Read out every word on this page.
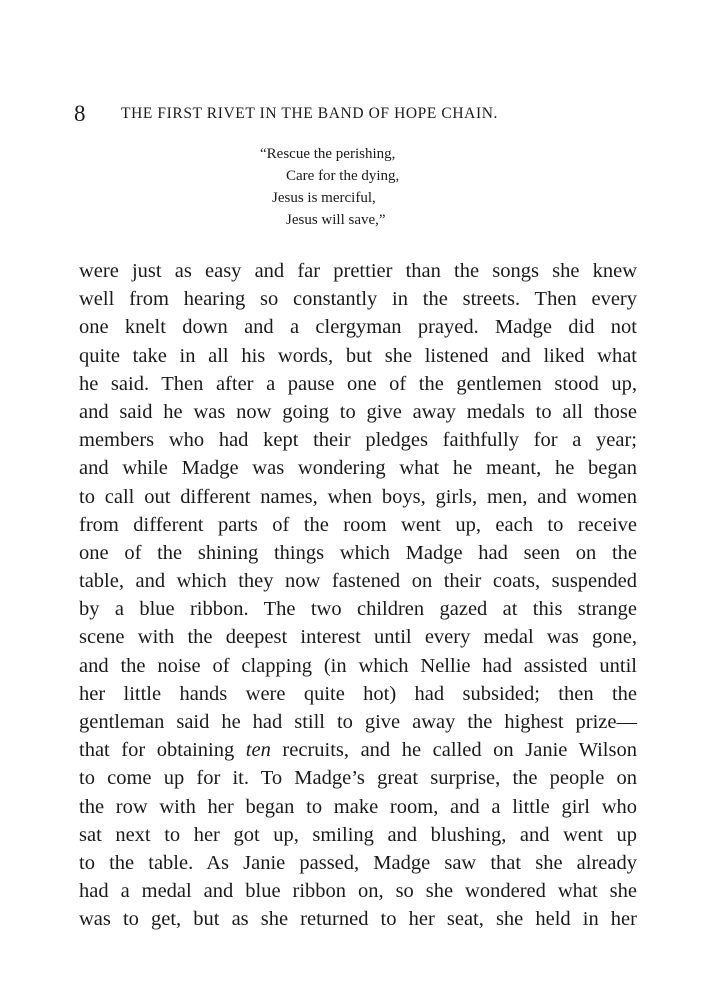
8 THE FIRST RIVET IN THE BAND OF HOPE CHAIN.
“Rescue the perishing,
Care for the dying,
Jesus is merciful,
Jesus will save,”
were just as easy and far prettier than the songs she knew
well from hearing so constantly in the streets. Then every
one knelt down and a clergyman prayed. Madge did not
quite take in all his words, but she listened and liked what
he said. Then after a pause one of the gentlemen stood up,
and said he was now going to give away medals to all those
members who had kept their pledges faithfully for a year;
and while Madge was wondering what he meant, he began
to call out different names, when boys, girls, men, and women
from different parts of the room went up, each to receive
one of the shining things which Madge had seen on the
table, and which they now fastened on their coats, suspended
by a blue ribbon. The two children gazed at this strange
scene with the deepest interest until every medal was gone,
and the noise of clapping (in which Nellie had assisted until
her little hands were quite hot) had subsided; then the
gentleman said he had still to give away the highest prize—
that for obtaining ten recruits, and he called on Janie Wilson
to come up for it. To Madge’s great surprise, the people on
the row with her began to make room, and a little girl who
sat next to her got up, smiling and blushing, and went up
to the table. As Janie passed, Madge saw that she already
had a medal and blue ribbon on, so she wondered what she
was to get, but as she returned to her seat, she held in her
